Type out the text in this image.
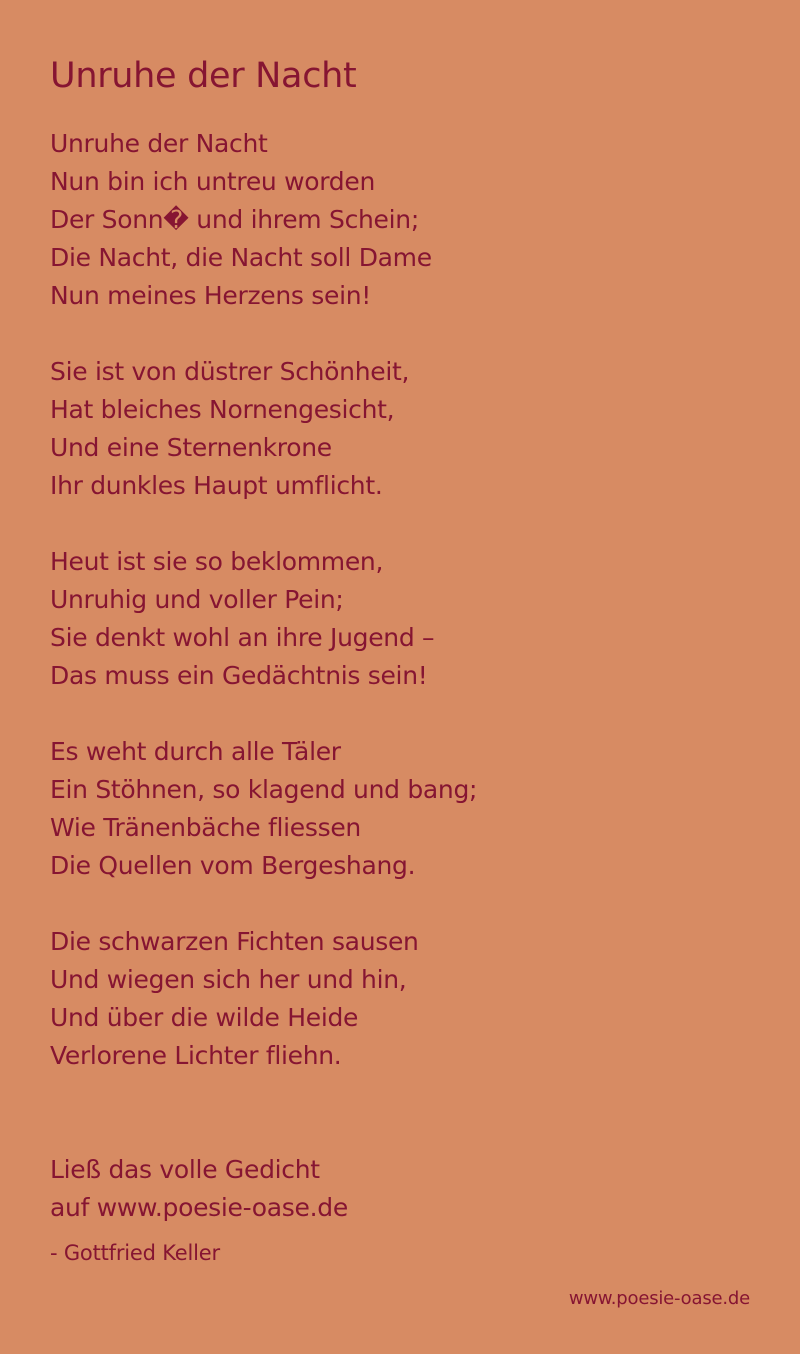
Unruhe der Nacht
Unruhe der Nacht
Nun bin ich untreu worden
Der Sonn� und ihrem Schein;
Die Nacht, die Nacht soll Dame
Nun meines Herzens sein!
Sie ist von düstrer Schönheit,
Hat bleiches Nornengesicht,
Und eine Sternenkrone
Ihr dunkles Haupt umflicht.
Heut ist sie so beklommen,
Unruhig und voller Pein;
Sie denkt wohl an ihre Jugend –
Das muss ein Gedächtnis sein!
Es weht durch alle Täler
Ein Stöhnen, so klagend und bang;
Wie Tränenbäche fliessen
Die Quellen vom Bergeshang.
Die schwarzen Fichten sausen
Und wiegen sich her und hin,
Und über die wilde Heide
Verlorene Lichter fliehn.
Ließ das volle Gedicht
auf www.poesie-oase.de
- Gottfried Keller
www.poesie-oase.de
